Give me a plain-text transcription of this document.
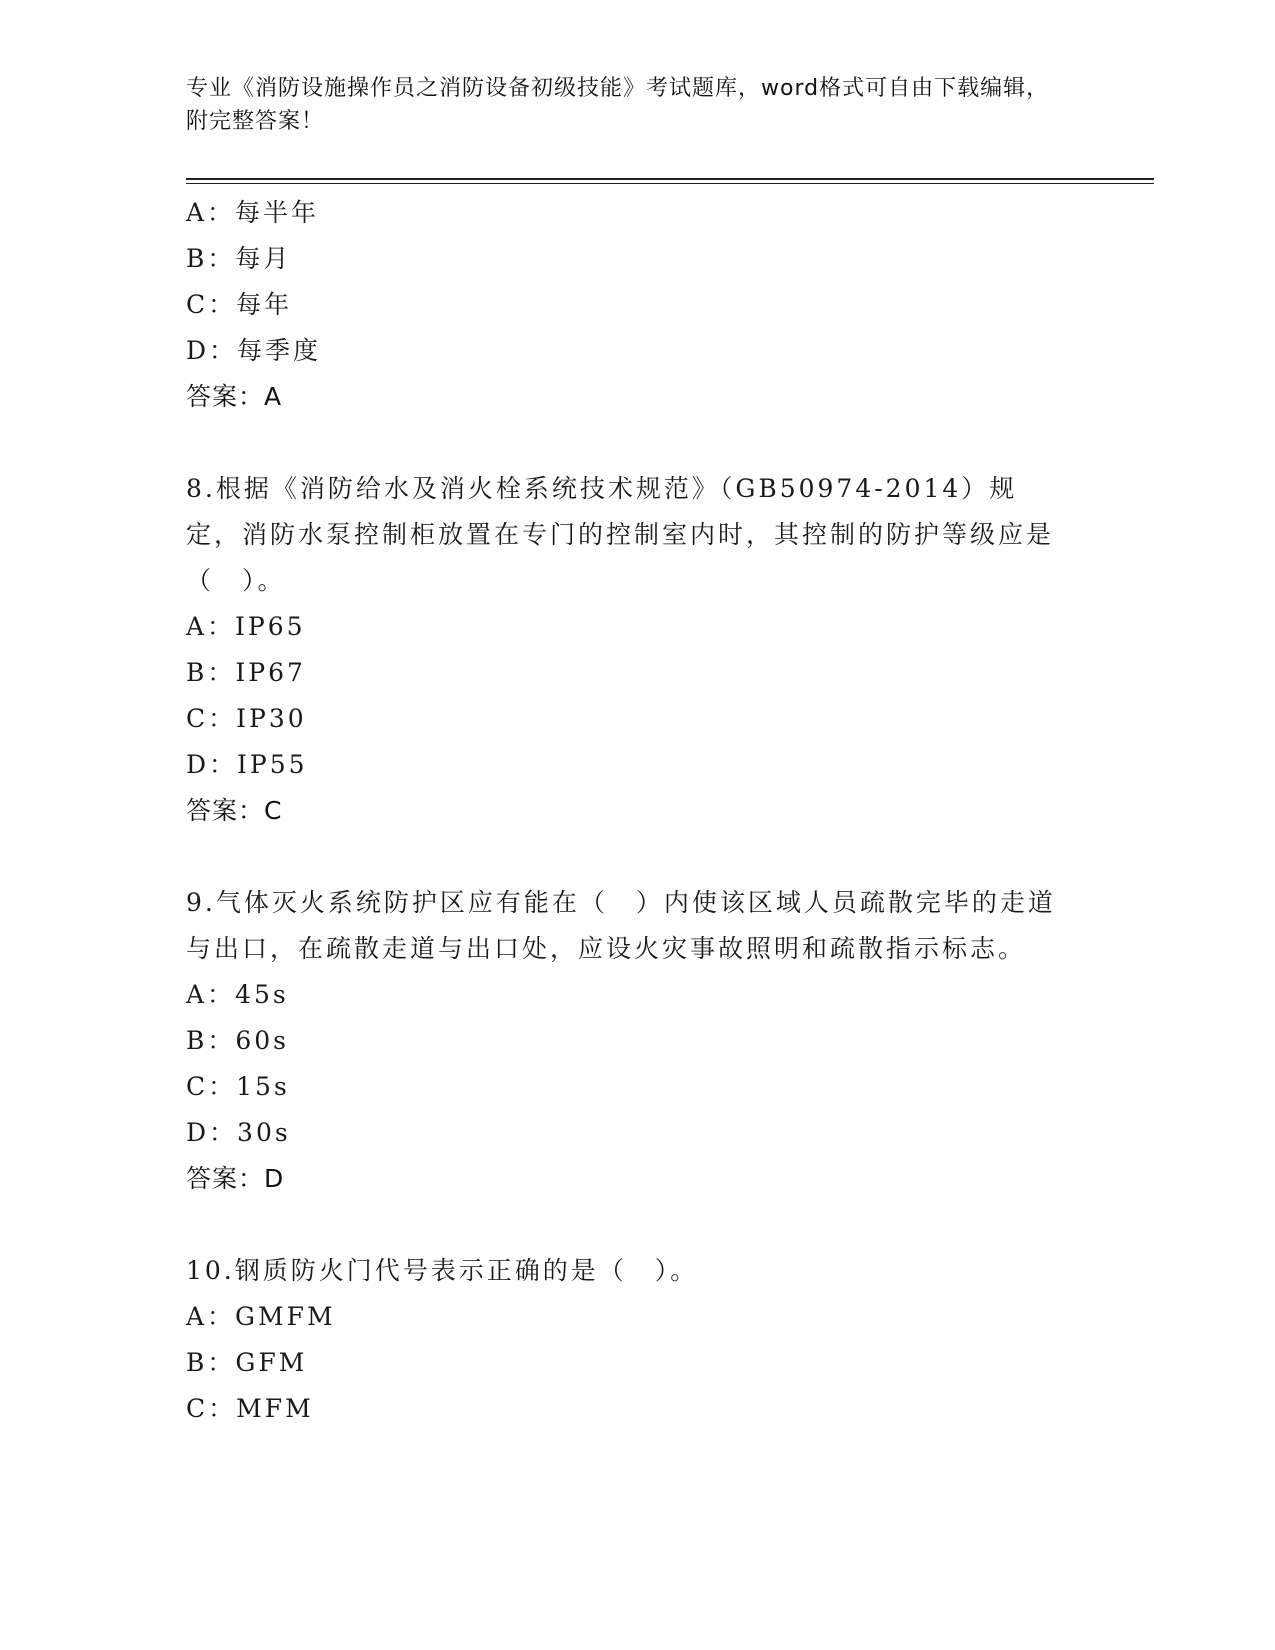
专业《消防设施操作员之消防设备初级技能》考试题库，word格式可自由下载编辑，附完整答案！
A：每半年
B：每月
C：每年
D：每季度
答案：A
8.根据《消防给水及消火栓系统技术规范》（GB50974-2014）规定，消防水泵控制柜放置在专门的控制室内时，其控制的防护等级应是（　）。
A：IP65
B：IP67
C：IP30
D：IP55
答案：C
9.气体灭火系统防护区应有能在（　）内使该区域人员疏散完毕的走道与出口，在疏散走道与出口处，应设火灾事故照明和疏散指示标志。
A：45s
B：60s
C：15s
D：30s
答案：D
10.钢质防火门代号表示正确的是（　）。
A：GMFM
B：GFM
C：MFM
